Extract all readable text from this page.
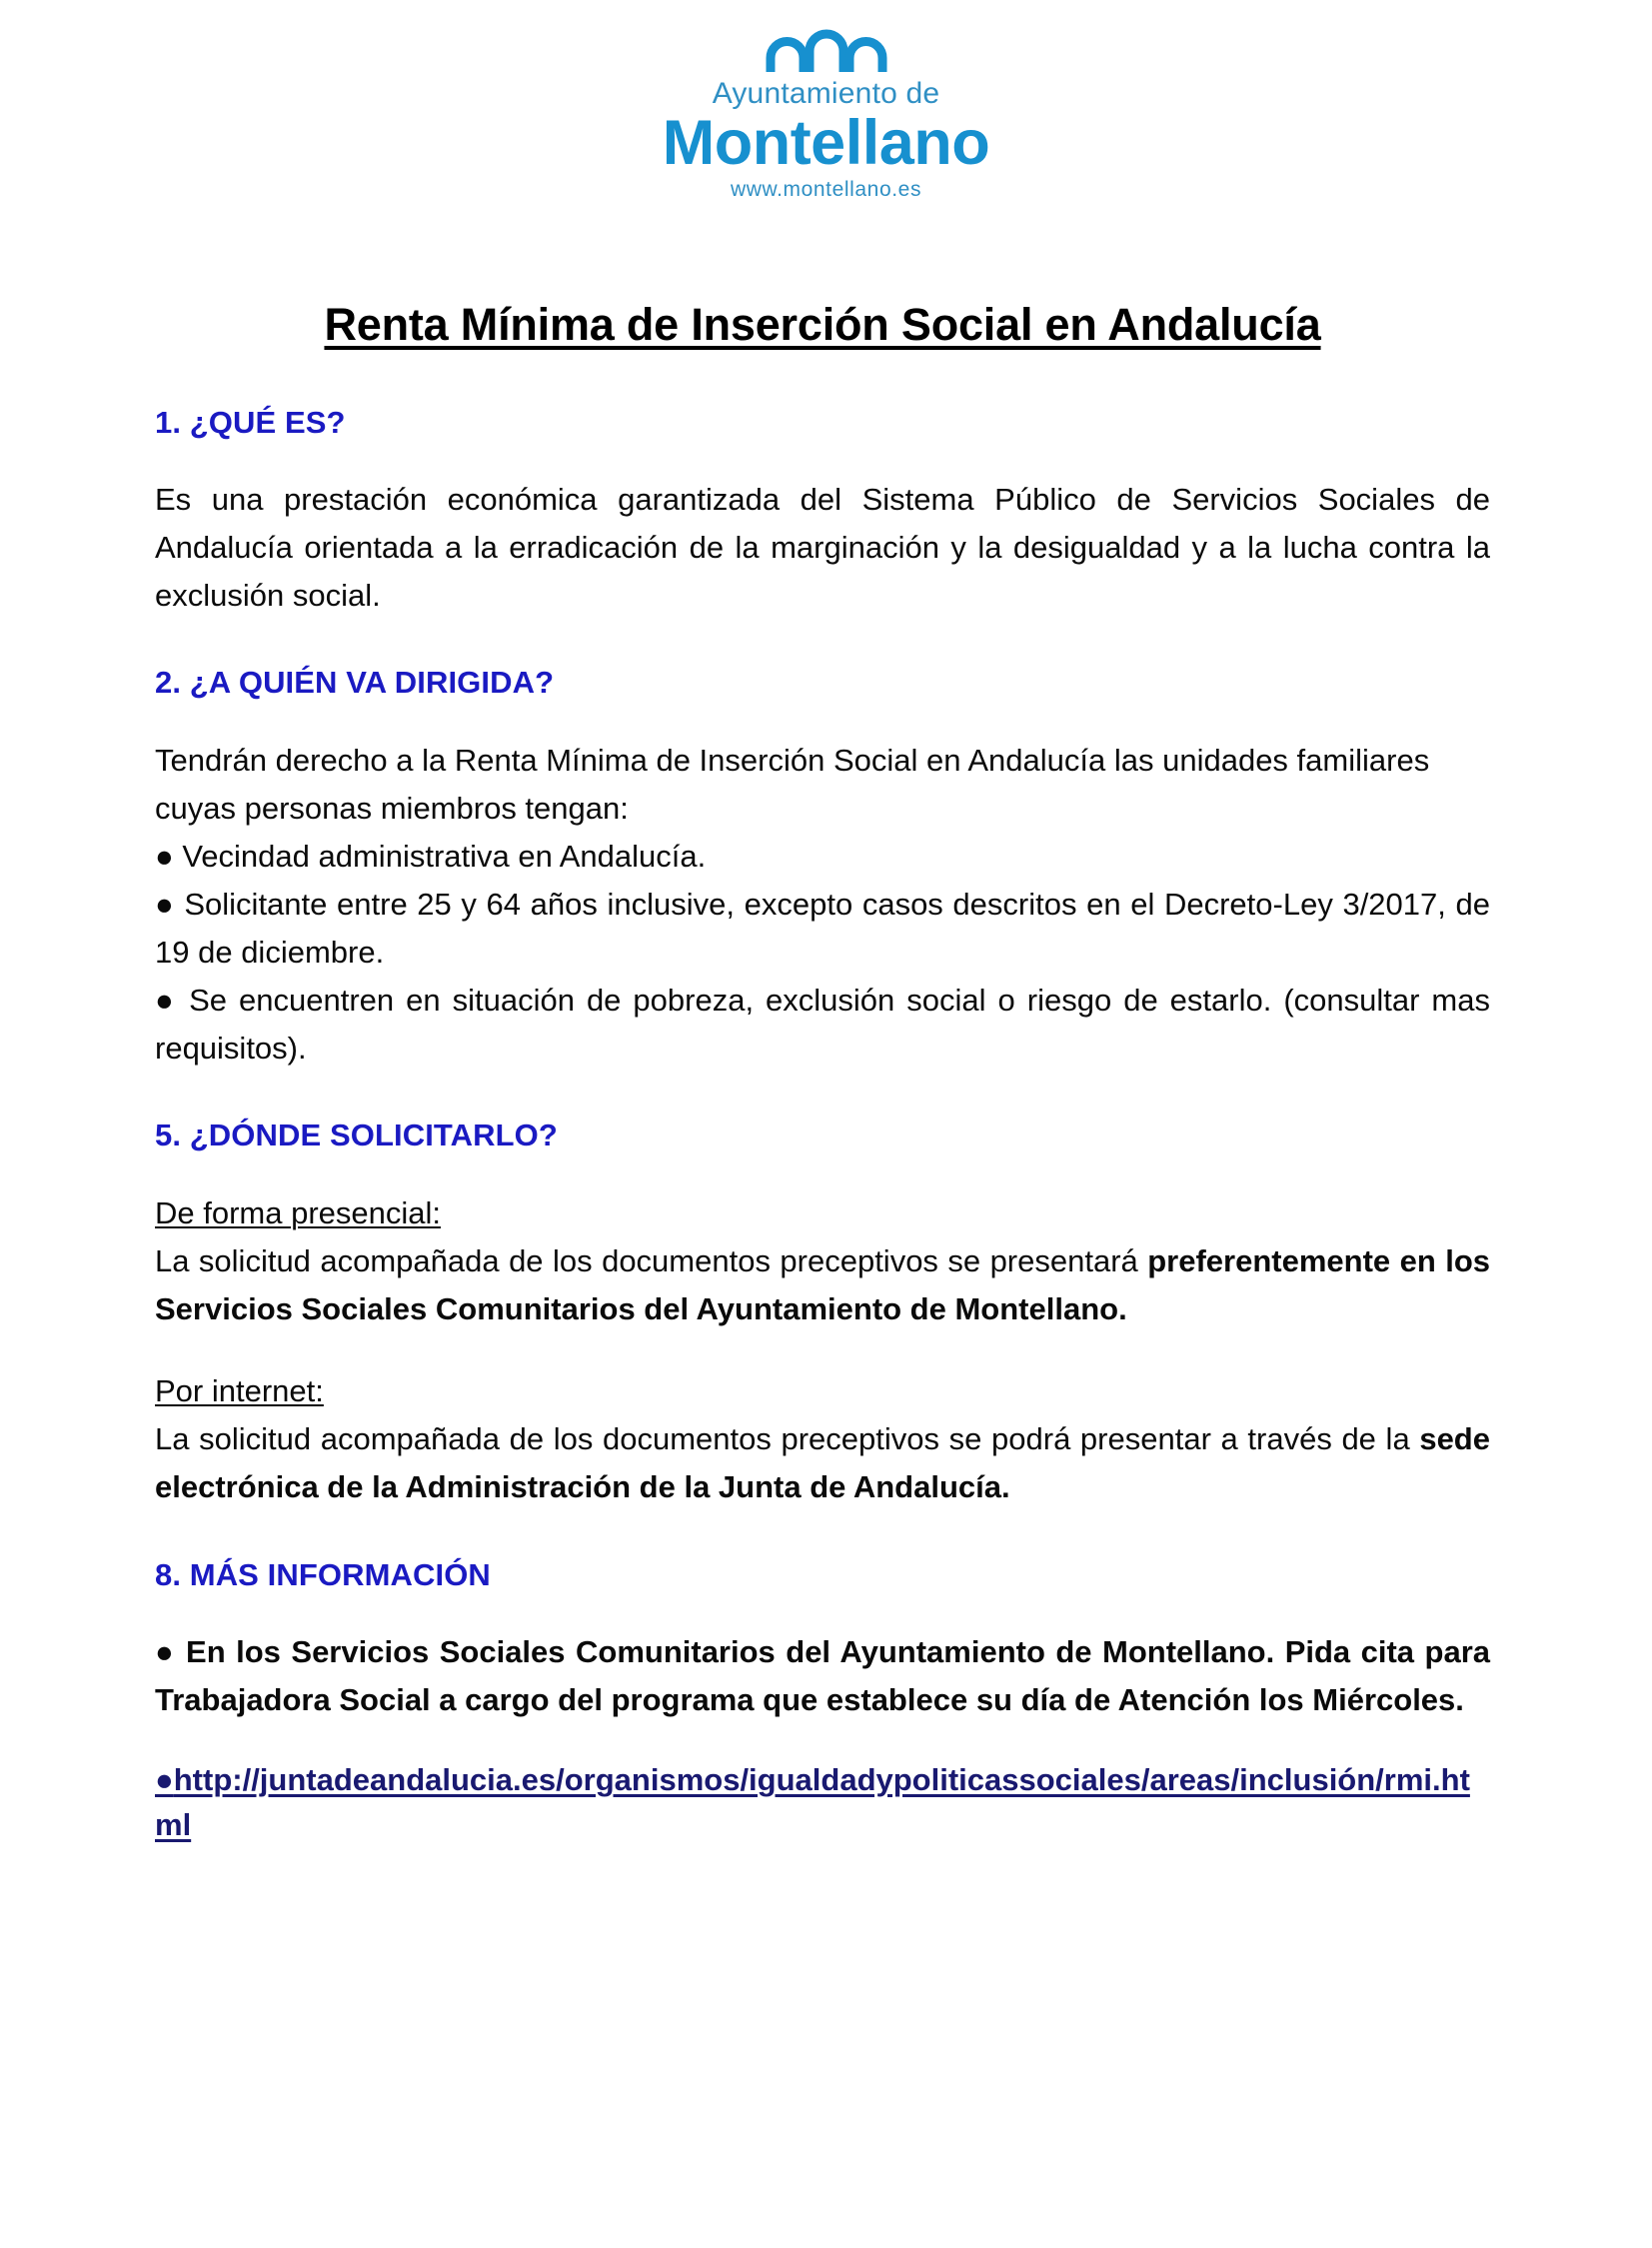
Ayuntamiento de
Montellano
www.montellano.es
Renta Mínima de Inserción Social en Andalucía
1. ¿QUÉ ES?

Es una prestación económica garantizada del Sistema Público de Servicios Sociales de Andalucía orientada a la erradicación de la marginación y la desigualdad y a la lucha contra la exclusión social.

2. ¿A QUIÉN VA DIRIGIDA?

Tendrán derecho a la Renta Mínima de Inserción Social en Andalucía las unidades familiares cuyas personas miembros tengan:

● Vecindad administrativa en Andalucía.

● Solicitante entre 25 y 64 años inclusive, excepto casos descritos en el Decreto-Ley 3/2017, de 19 de diciembre.

● Se encuentren en situación de pobreza, exclusión social o riesgo de estarlo. (consultar mas requisitos).

5. ¿DÓNDE SOLICITARLO?

De forma presencial:

La solicitud acompañada de los documentos preceptivos se presentará preferentemente en los Servicios Sociales Comunitarios del Ayuntamiento de Montellano.

Por internet:

La solicitud acompañada de los documentos preceptivos se podrá presentar a través de la sede electrónica de la Administración de la Junta de Andalucía.

8. MÁS INFORMACIÓN

● En los Servicios Sociales Comunitarios del Ayuntamiento de Montellano. Pida cita para Trabajadora Social a cargo del programa que establece su día de Atención los Miércoles.

●http://juntadeandalucia.es/organismos/igualdadypoliticassociales/areas/inclusión/rmi.html
